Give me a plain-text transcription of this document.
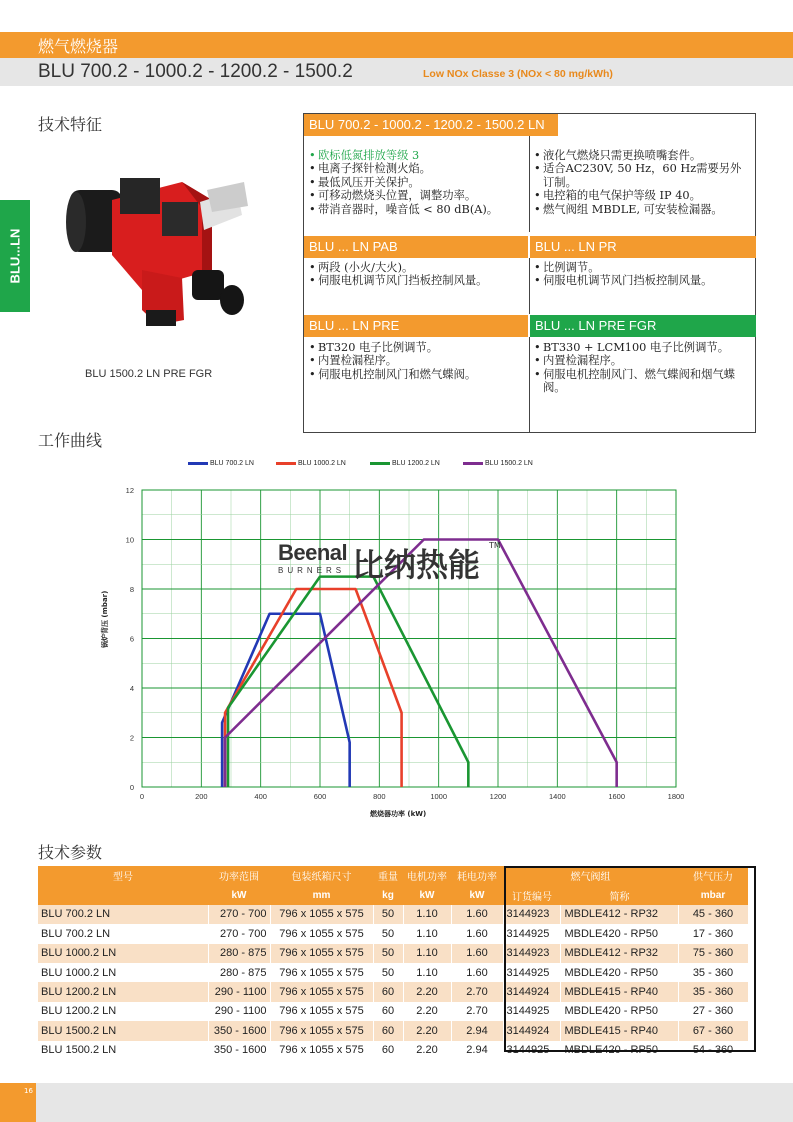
燃气燃烧器
BLU 700.2 - 1000.2 - 1200.2 - 1500.2	Low NOx Classe 3 (NOx < 80 mg/kWh)
BLU...LN
技术特征
BLU 1500.2 LN PRE FGR
BLU 700.2 - 1000.2 - 1200.2 - 1500.2 LN
• 欧标低氮排放等级 3
• 电离子探针检测火焰。
• 最低风压开关保护。
• 可移动燃烧头位置，调整功率。
• 带消音器时，噪音低 < 80 dB(A)。
• 液化气燃烧只需更换喷嘴套件。
• 适合AC230V, 50 Hz，60 Hz需要另外订制。
• 电控箱的电气保护等级 IP 40。
• 燃气阀组 MBDLE, 可安装检漏器。
BLU ... LN PAB	BLU ... LN PR
• 两段 (小火/大火)。
• 伺服电机调节风门挡板控制风量。
• 比例调节。
• 伺服电机调节风门挡板控制风量。
BLU ... LN PRE	BLU ... LN PRE FGR
• BT320 电子比例调节。
• 内置检漏程序。
• 伺服电机控制风门和燃气蝶阀。
• BT330 + LCM100 电子比例调节。
• 内置检漏程序。
• 伺服电机控制风门、燃气蝶阀和烟气蝶阀。
工作曲线
BLU 700.2 LN	BLU 1000.2 LN	BLU 1200.2 LN	BLU 1500.2 LN
0	200	400	600	800	1000	1200	1400	1600	1800
0
2
4
6
8
10
12
锅炉背压 (mbar)
燃烧器功率 (kW)
Beenal
BURNERS 比纳热能
TM
技术参数
型号	功率范围	包装纸箱尺寸	重量	电机功率	耗电功率	燃气阀组		供气压力
	kW	mm	kg	kW	kW	订货编号	简称	mbar
BLU 700.2 LN	270 - 700	796 x 1055 x 575	50	1.10	1.60	3144923	MBDLE412 - RP32	45 - 360
BLU 700.2 LN	270 - 700	796 x 1055 x 575	50	1.10	1.60	3144925	MBDLE420 - RP50	17 - 360
BLU 1000.2 LN	280 - 875	796 x 1055 x 575	50	1.10	1.60	3144923	MBDLE412 - RP32	75 - 360
BLU 1000.2 LN	280 - 875	796 x 1055 x 575	50	1.10	1.60	3144925	MBDLE420 - RP50	35 - 360
BLU 1200.2 LN	290 - 1100	796 x 1055 x 575	60	2.20	2.70	3144924	MBDLE415 - RP40	35 - 360
BLU 1200.2 LN	290 - 1100	796 x 1055 x 575	60	2.20	2.70	3144925	MBDLE420 - RP50	27 - 360
BLU 1500.2 LN	350 - 1600	796 x 1055 x 575	60	2.20	2.94	3144924	MBDLE415 - RP40	67 - 360
BLU 1500.2 LN	350 - 1600	796 x 1055 x 575	60	2.20	2.94	3144925	MBDLE420 - RP50	54 - 360
16
